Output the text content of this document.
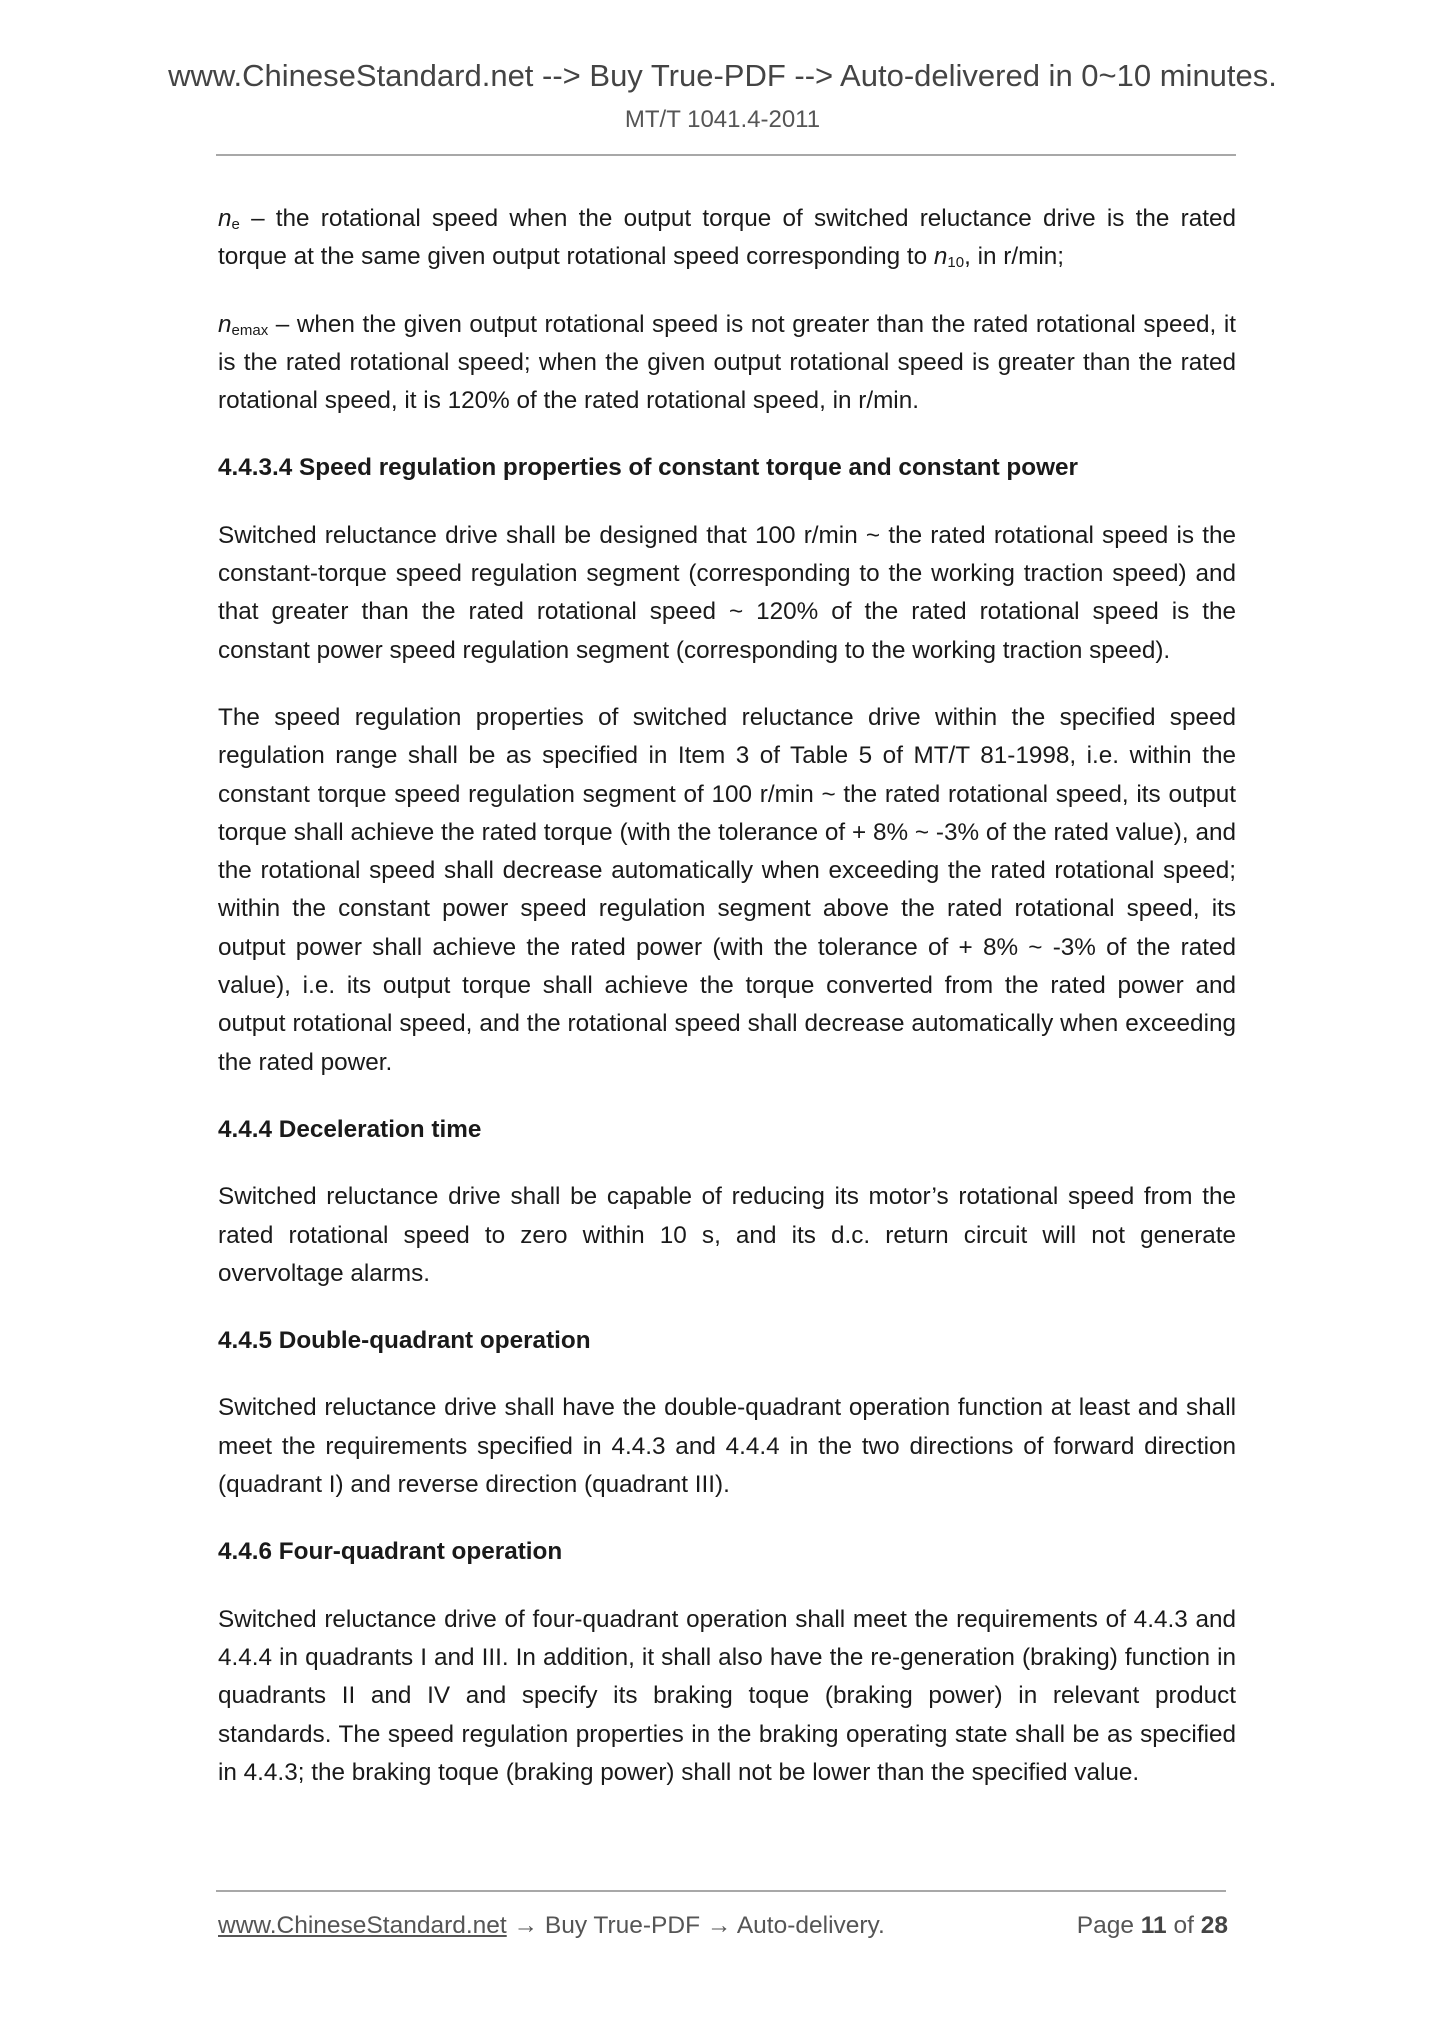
www.ChineseStandard.net --> Buy True-PDF --> Auto-delivered in 0~10 minutes.
MT/T 1041.4-2011

$n_e$ – the rotational speed when the output torque of switched reluctance drive is the rated torque at the same given output rotational speed corresponding to $n_{10}$, in r/min;

$n_{emax}$ – when the given output rotational speed is not greater than the rated rotational speed, it is the rated rotational speed; when the given output rotational speed is greater than the rated rotational speed, it is 120% of the rated rotational speed, in r/min.

4.4.3.4 Speed regulation properties of constant torque and constant power

Switched reluctance drive shall be designed that 100 r/min ~ the rated rotational speed is the constant-torque speed regulation segment (corresponding to the working traction speed) and that greater than the rated rotational speed ~ 120% of the rated rotational speed is the constant power speed regulation segment (corresponding to the working traction speed).

The speed regulation properties of switched reluctance drive within the specified speed regulation range shall be as specified in Item 3 of Table 5 of MT/T 81-1998, i.e. within the constant torque speed regulation segment of 100 r/min ~ the rated rotational speed, its output torque shall achieve the rated torque (with the tolerance of + 8% ~ -3% of the rated value), and the rotational speed shall decrease automatically when exceeding the rated rotational speed; within the constant power speed regulation segment above the rated rotational speed, its output power shall achieve the rated power (with the tolerance of + 8% ~ -3% of the rated value), i.e. its output torque shall achieve the torque converted from the rated power and output rotational speed, and the rotational speed shall decrease automatically when exceeding the rated power.

4.4.4 Deceleration time

Switched reluctance drive shall be capable of reducing its motor’s rotational speed from the rated rotational speed to zero within 10 s, and its d.c. return circuit will not generate overvoltage alarms.

4.4.5 Double-quadrant operation

Switched reluctance drive shall have the double-quadrant operation function at least and shall meet the requirements specified in 4.4.3 and 4.4.4 in the two directions of forward direction (quadrant I) and reverse direction (quadrant III).

4.4.6 Four-quadrant operation

Switched reluctance drive of four-quadrant operation shall meet the requirements of 4.4.3 and 4.4.4 in quadrants I and III. In addition, it shall also have the re-generation (braking) function in quadrants II and IV and specify its braking toque (braking power) in relevant product standards. The speed regulation properties in the braking operating state shall be as specified in 4.4.3; the braking toque (braking power) shall not be lower than the specified value.

www.ChineseStandard.net → Buy True-PDF → Auto-delivery.	Page 11 of 28
